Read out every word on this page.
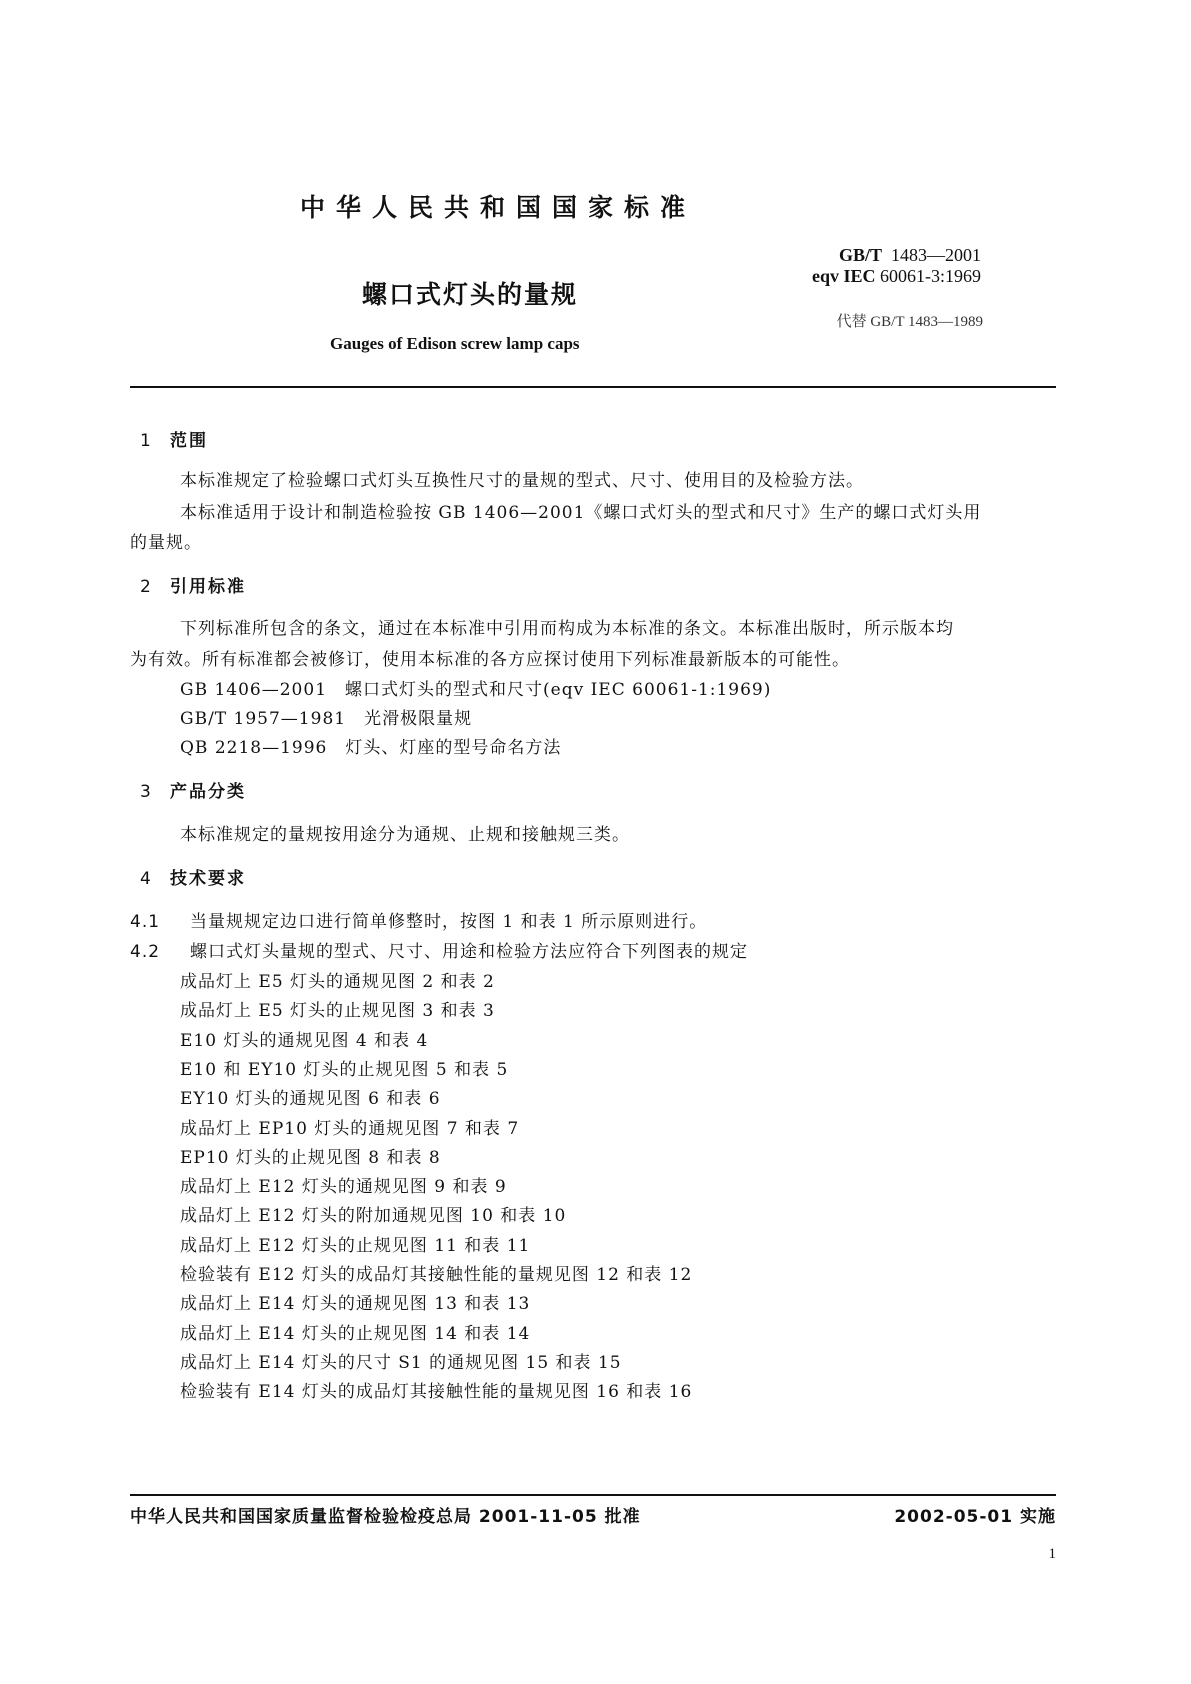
中华人民共和国国家标准
螺口式灯头的量规
Gauges of Edison screw lamp caps
GB/T 1483—2001
eqv IEC 60061-3:1969
代替 GB/T 1483—1989
1 范围
本标准规定了检验螺口式灯头互换性尺寸的量规的型式、尺寸、使用目的及检验方法。
本标准适用于设计和制造检验按 GB 1406—2001《螺口式灯头的型式和尺寸》生产的螺口式灯头用
的量规。
2 引用标准
下列标准所包含的条文，通过在本标准中引用而构成为本标准的条文。本标准出版时，所示版本均
为有效。所有标准都会被修订，使用本标准的各方应探讨使用下列标准最新版本的可能性。
GB 1406—2001　螺口式灯头的型式和尺寸(eqv IEC 60061-1:1969)
GB/T 1957—1981　光滑极限量规
QB 2218—1996　灯头、灯座的型号命名方法
3 产品分类
本标准规定的量规按用途分为通规、止规和接触规三类。
4 技术要求
4.1 当量规规定边口进行简单修整时，按图 1 和表 1 所示原则进行。
4.2 螺口式灯头量规的型式、尺寸、用途和检验方法应符合下列图表的规定
成品灯上 E5 灯头的通规见图 2 和表 2
成品灯上 E5 灯头的止规见图 3 和表 3
E10 灯头的通规见图 4 和表 4
E10 和 EY10 灯头的止规见图 5 和表 5
EY10 灯头的通规见图 6 和表 6
成品灯上 EP10 灯头的通规见图 7 和表 7
EP10 灯头的止规见图 8 和表 8
成品灯上 E12 灯头的通规见图 9 和表 9
成品灯上 E12 灯头的附加通规见图 10 和表 10
成品灯上 E12 灯头的止规见图 11 和表 11
检验装有 E12 灯头的成品灯其接触性能的量规见图 12 和表 12
成品灯上 E14 灯头的通规见图 13 和表 13
成品灯上 E14 灯头的止规见图 14 和表 14
成品灯上 E14 灯头的尺寸 S1 的通规见图 15 和表 15
检验装有 E14 灯头的成品灯其接触性能的量规见图 16 和表 16
中华人民共和国国家质量监督检验检疫总局 2001-11-05 批准	2002-05-01 实施
1
